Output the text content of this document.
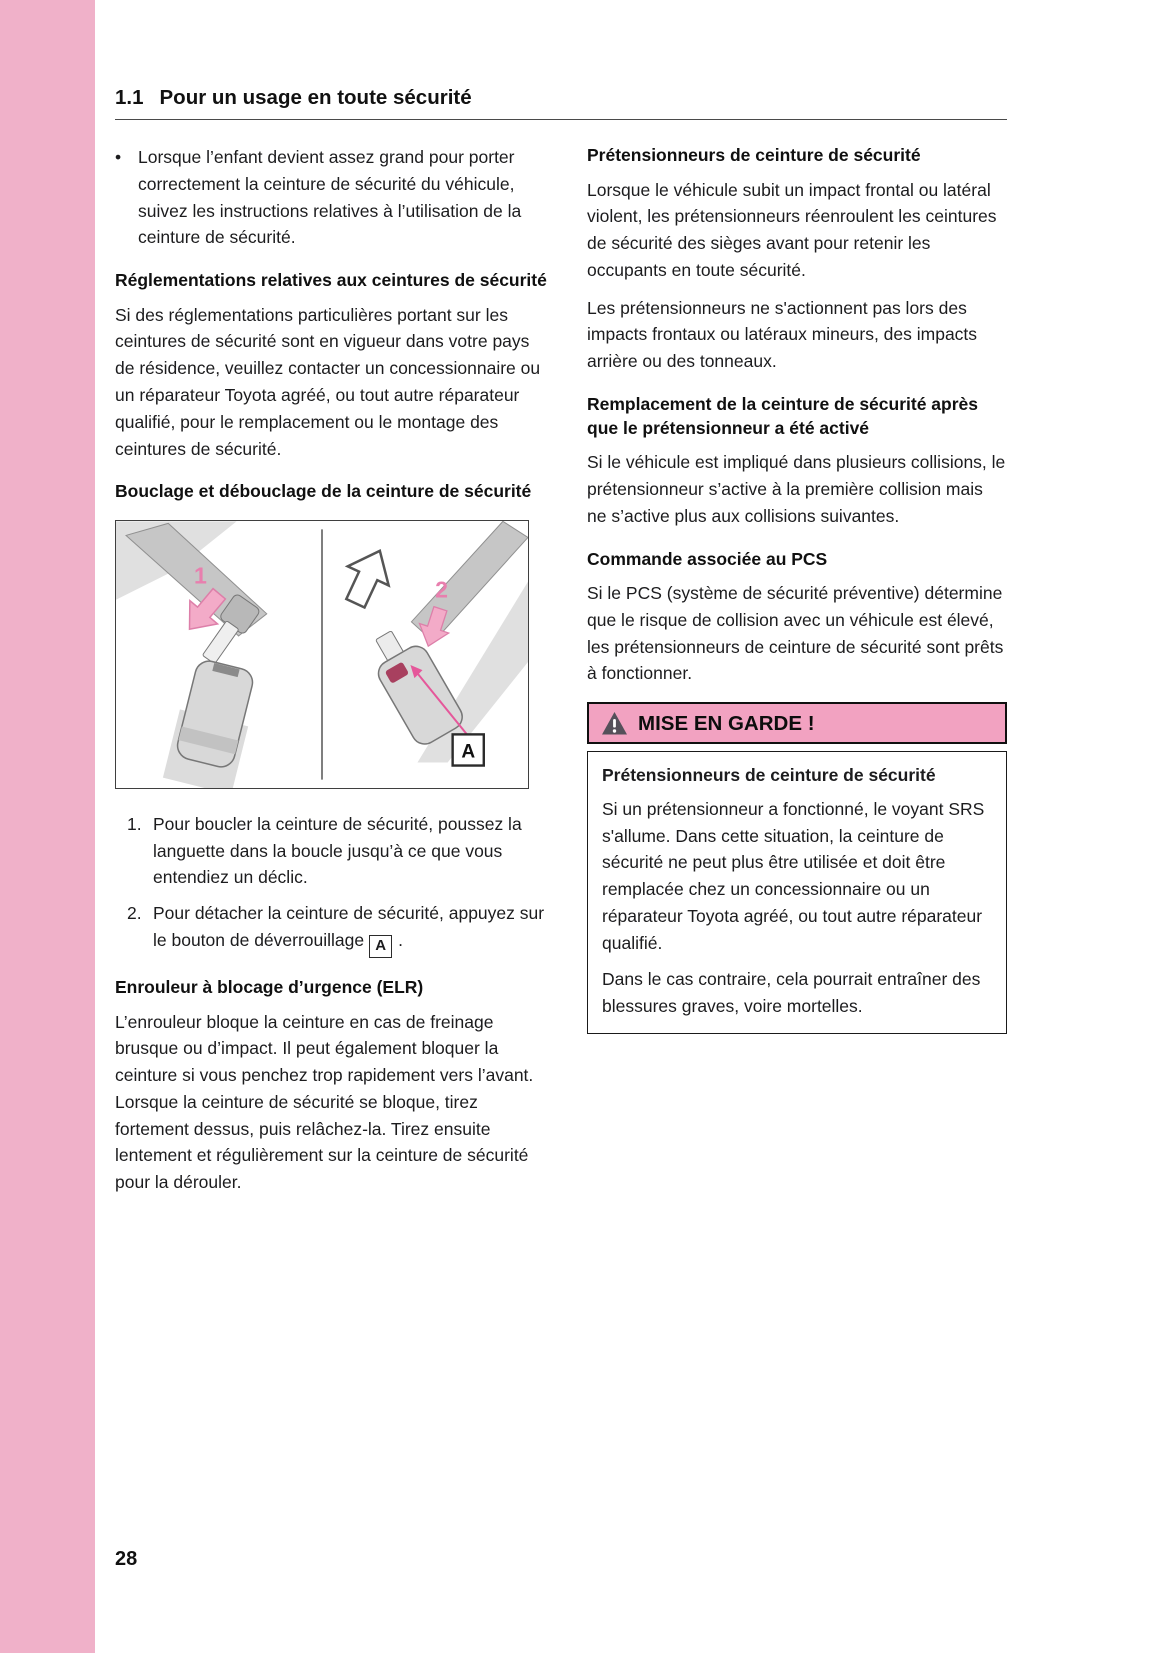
1.1 Pour un usage en toute sécurité
• Lorsque l’enfant devient assez grand pour porter correctement la ceinture de sécurité du véhicule, suivez les instructions relatives à l’utilisation de la ceinture de sécurité.
Réglementations relatives aux ceintures de sécurité

Si des réglementations particulières portant sur les ceintures de sécurité sont en vigueur dans votre pays de résidence, veuillez contacter un concessionnaire ou un réparateur Toyota agréé, ou tout autre réparateur qualifié, pour le remplacement ou le montage des ceintures de sécurité.

Bouclage et débouclage de la ceinture de sécurité
1
2
A
1. Pour boucler la ceinture de sécurité, poussez la languette dans la boucle jusqu’à ce que vous entendiez un déclic.
2. Pour détacher la ceinture de sécurité, appuyez sur le bouton de déverrouillage A .
Enrouleur à blocage d’urgence (ELR)

L’enrouleur bloque la ceinture en cas de freinage brusque ou d’impact. Il peut également bloquer la ceinture si vous penchez trop rapidement vers l’avant. Lorsque la ceinture de sécurité se bloque, tirez fortement dessus, puis relâchez-la. Tirez ensuite lentement et régulièrement sur la ceinture de sécurité pour la dérouler.

Prétensionneurs de ceinture de sécurité

Lorsque le véhicule subit un impact frontal ou latéral violent, les prétensionneurs réenroulent les ceintures de sécurité des sièges avant pour retenir les occupants en toute sécurité.

Les prétensionneurs ne s'actionnent pas lors des impacts frontaux ou latéraux mineurs, des impacts arrière ou des tonneaux.

Remplacement de la ceinture de sécurité après que le prétensionneur a été activé

Si le véhicule est impliqué dans plusieurs collisions, le prétensionneur s’active à la première collision mais ne s’active plus aux collisions suivantes.

Commande associée au PCS

Si le PCS (système de sécurité préventive) détermine que le risque de collision avec un véhicule est élevé, les prétensionneurs de ceinture de sécurité sont prêts à fonctionner.

MISE EN GARDE !
Prétensionneurs de ceinture de sécurité

Si un prétensionneur a fonctionné, le voyant SRS s'allume. Dans cette situation, la ceinture de sécurité ne peut plus être utilisée et doit être remplacée chez un concessionnaire ou un réparateur Toyota agréé, ou tout autre réparateur qualifié.

Dans le cas contraire, cela pourrait entraîner des blessures graves, voire mortelles.

28
